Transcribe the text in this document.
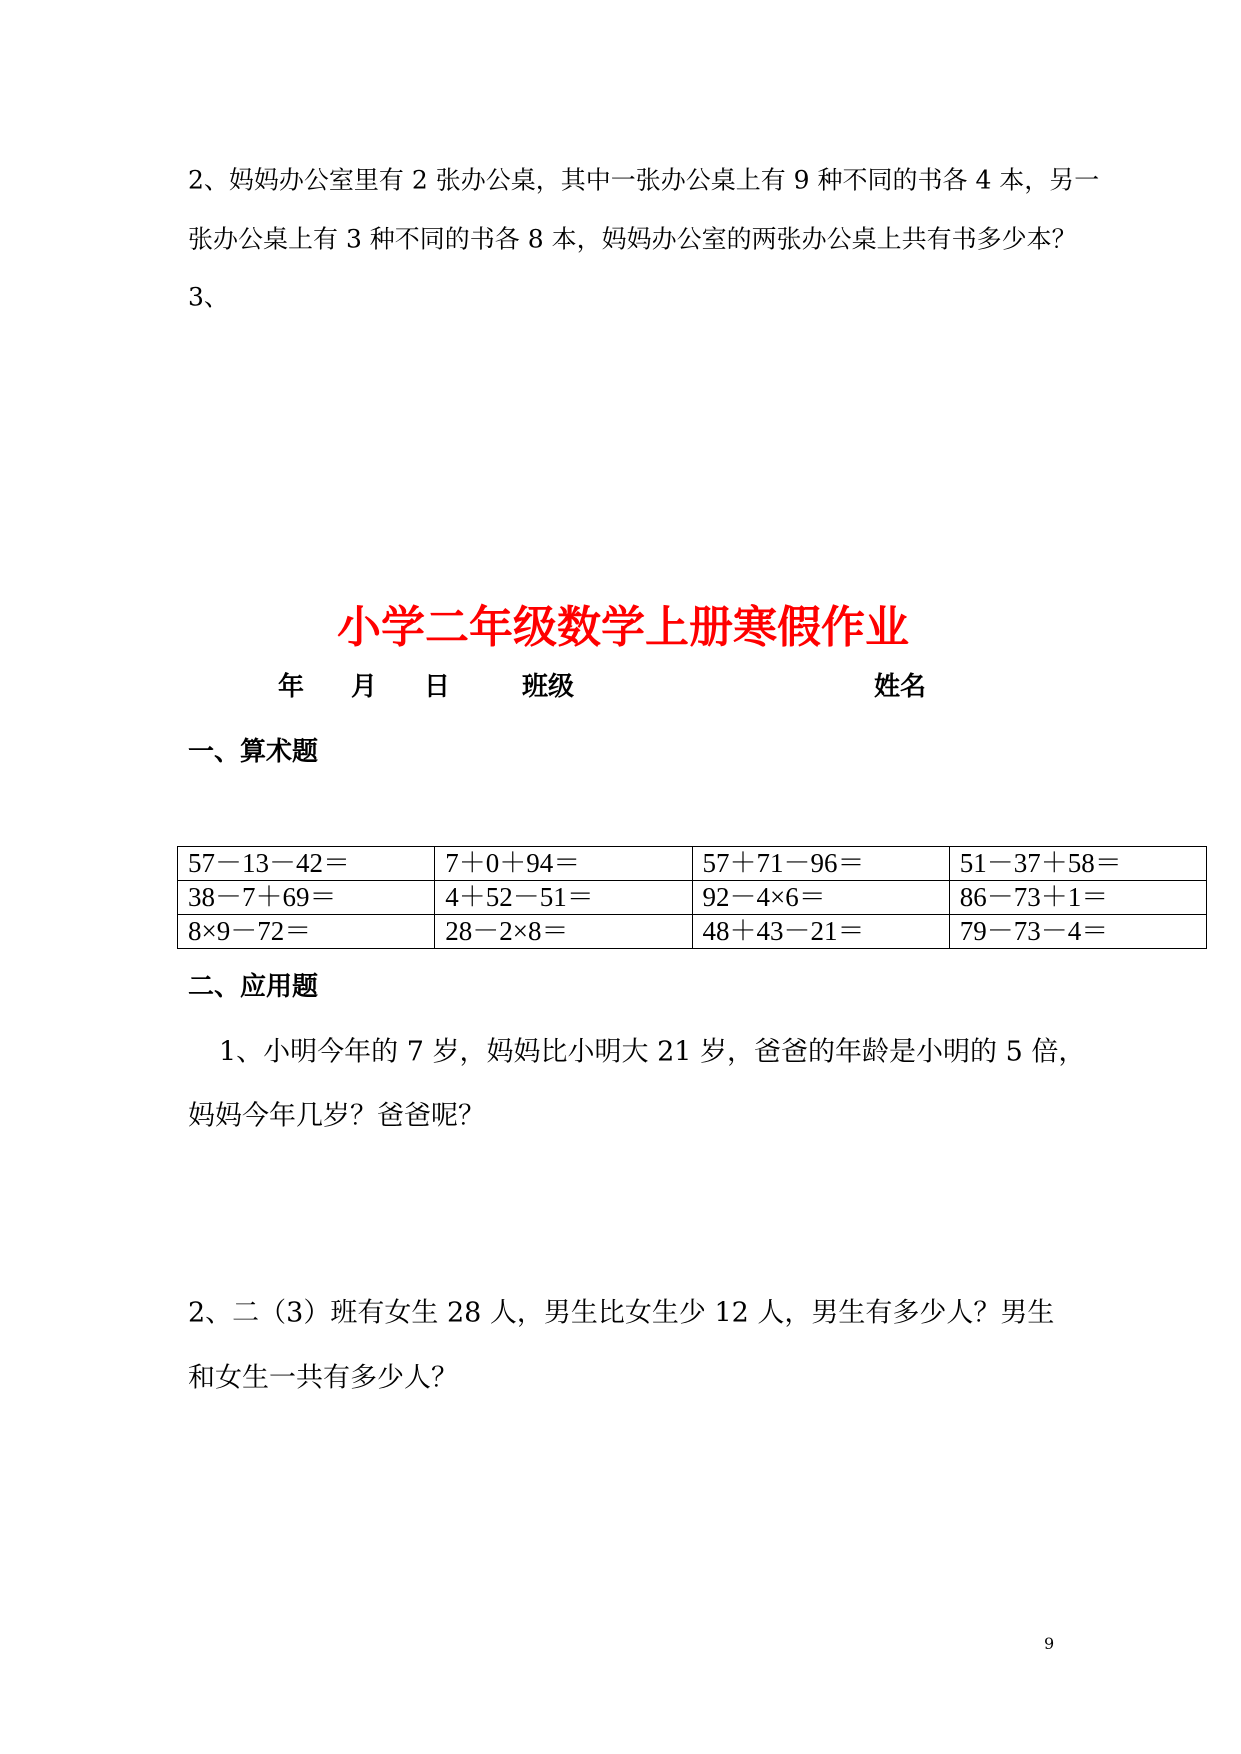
2、妈妈办公室里有 2 张办公桌，其中一张办公桌上有 9 种不同的书各 4 本，另一
张办公桌上有 3 种不同的书各 8 本，妈妈办公室的两张办公桌上共有书多少本？
3、
小学二年级数学上册寒假作业
年 月 日	班级	姓名
一、算术题
57－13－42＝	7＋0＋94＝	57＋71－96＝	51－37＋58＝
38－7＋69＝	4＋52－51＝	92－4×6＝	86－73＋1＝
8×9－72＝	28－2×8＝	48＋43－21＝	79－73－4＝
二、应用题
1、小明今年的 7 岁，妈妈比小明大 21 岁，爸爸的年龄是小明的 5 倍，
妈妈今年几岁？爸爸呢？
2、二（3）班有女生 28 人，男生比女生少 12 人，男生有多少人？男生
和女生一共有多少人？
9
